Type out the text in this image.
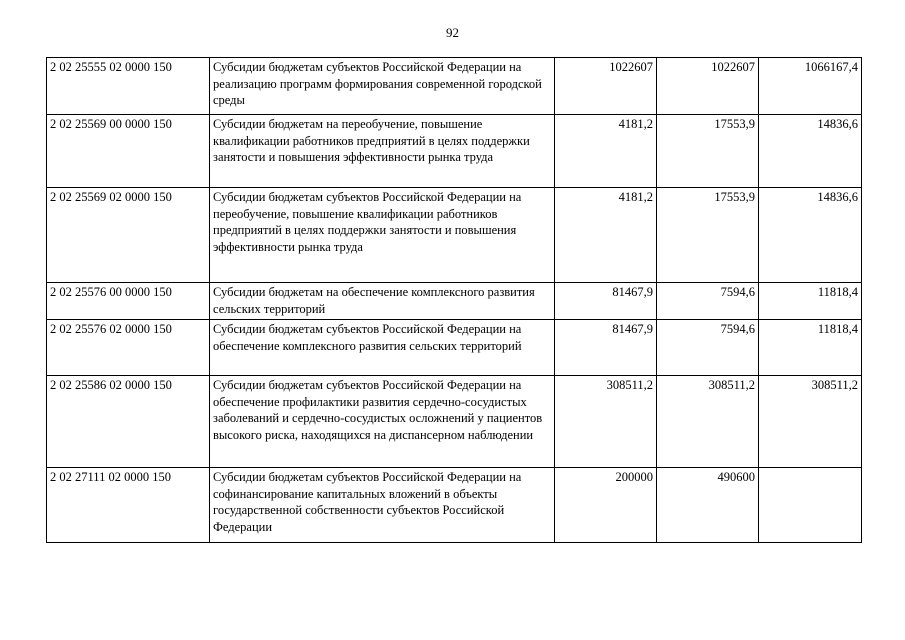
92
2 02 25555 02 0000 150	Субсидии бюджетам субъектов Российской Федерации на реализацию программ формирования современной городской среды	1022607	1022607	1066167,4
2 02 25569 00 0000 150	Субсидии бюджетам на переобучение, повышение квалификации работников предприятий в целях поддержки занятости и повышения эффективности рынка труда	4181,2	17553,9	14836,6
2 02 25569 02 0000 150	Субсидии бюджетам субъектов Российской Федерации на переобучение, повышение квалификации работников предприятий в целях поддержки занятости и повышения эффективности рынка труда	4181,2	17553,9	14836,6
2 02 25576 00 0000 150	Субсидии бюджетам на обеспечение комплексного развития сельских территорий	81467,9	7594,6	11818,4
2 02 25576 02 0000 150	Субсидии бюджетам субъектов Российской Федерации на обеспечение комплексного развития сельских территорий	81467,9	7594,6	11818,4
2 02 25586 02 0000 150	Субсидии бюджетам субъектов Российской Федерации на обеспечение профилактики развития сердечно-сосудистых заболеваний и сердечно-сосудистых осложнений у пациентов высокого риска, находящихся на диспансерном наблюдении	308511,2	308511,2	308511,2
2 02 27111 02 0000 150	Субсидии бюджетам субъектов Российской Федерации на софинансирование капитальных вложений в объекты государственной собственности субъектов Российской Федерации	200000	490600	
